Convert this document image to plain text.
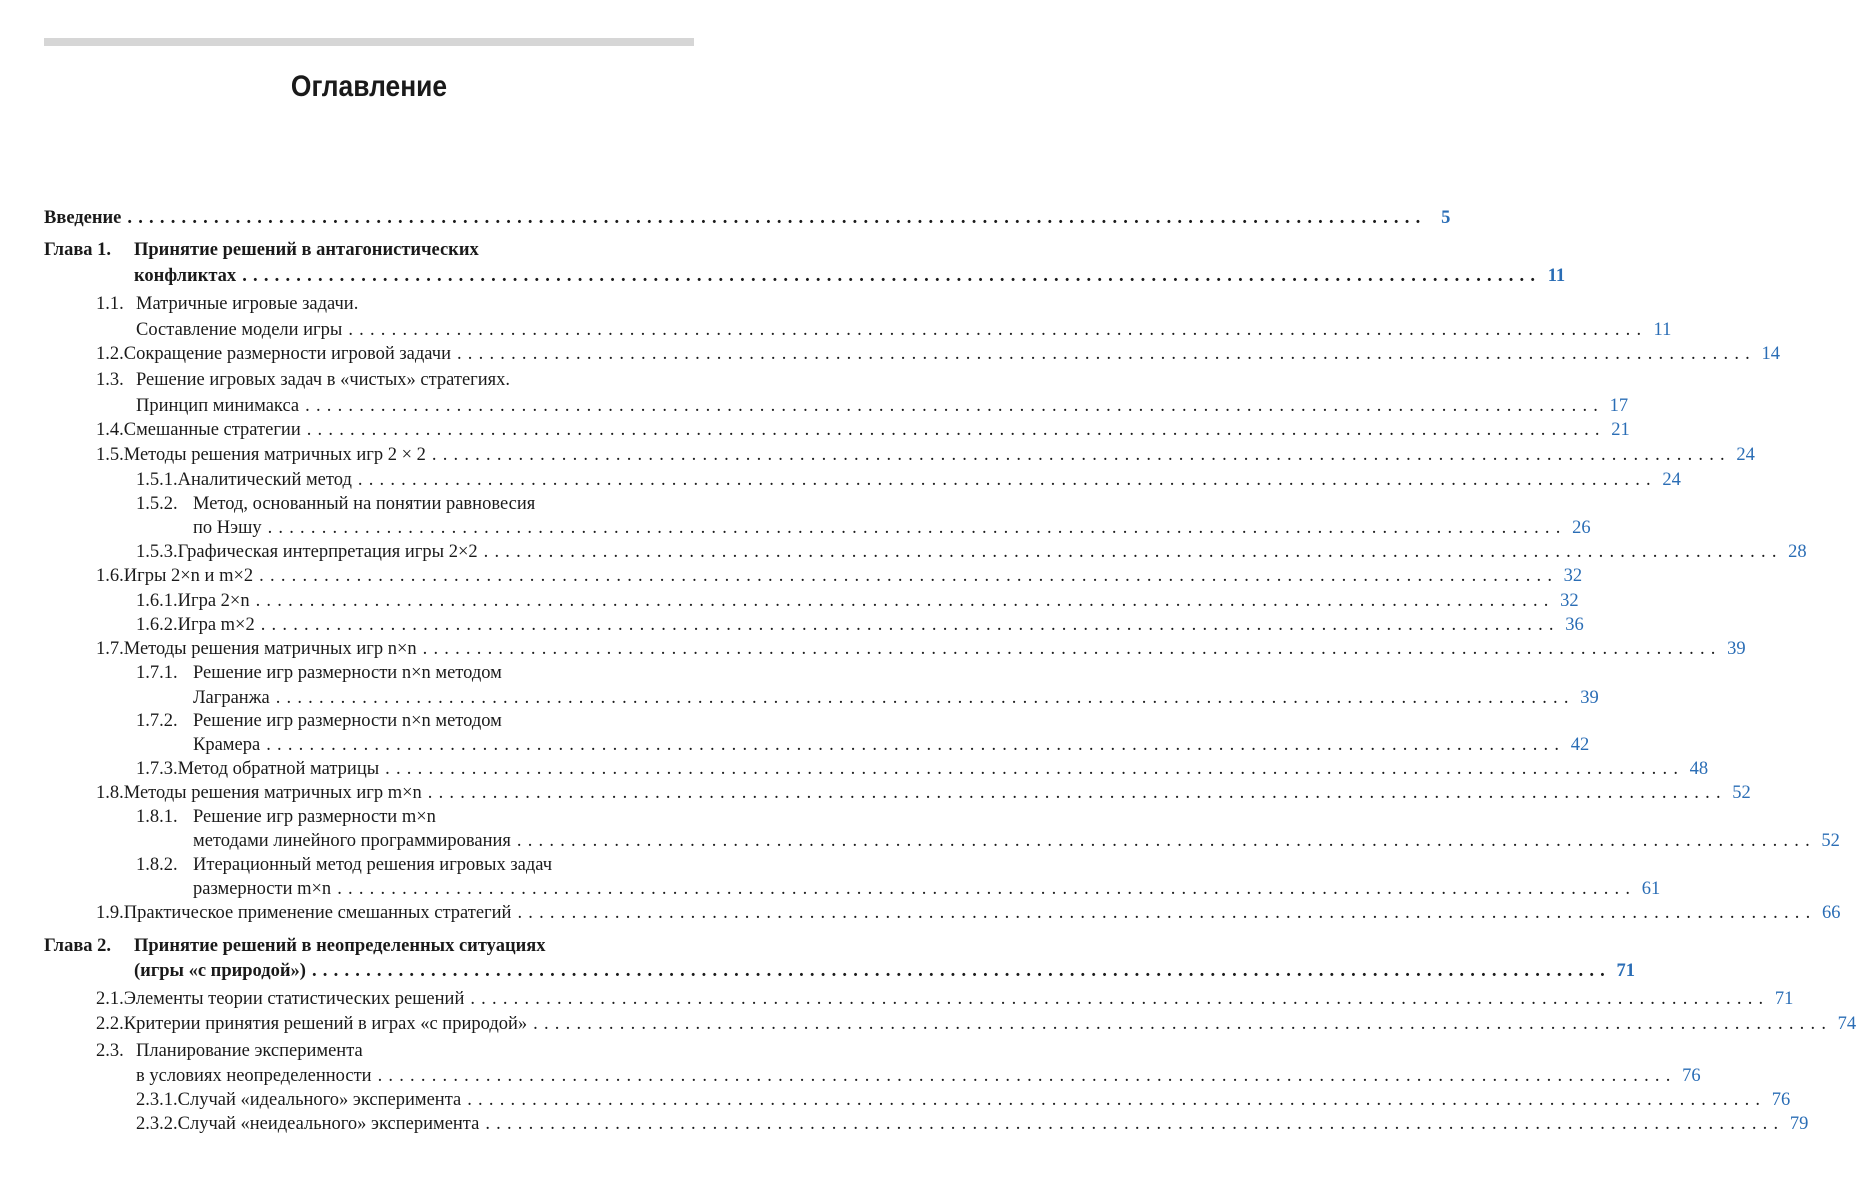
Оглавление
Введение ........................................................................................................................ 5
Глава 1.	Принятие решений в антагонистических
конфликтах ........................................................................................................................ 11
1.1. Матричные игровые задачи.
Составление модели игры ........................................................................................................................ 11
1.2. Сокращение размерности игровой задачи ........................................................................................................................ 14
1.3. Решение игровых задач в «чистых» стратегиях.
Принцип минимакса ........................................................................................................................ 17
1.4. Смешанные стратегии ........................................................................................................................ 21
1.5. Методы решения матричных игр 2 × 2 ........................................................................................................................ 24
1.5.1. Аналитический метод ........................................................................................................................ 24
1.5.2. Метод, основанный на понятии равновесия
по Нэшу ........................................................................................................................ 26
1.5.3. Графическая интерпретация игры 2×2 ........................................................................................................................ 28
1.6. Игры 2×n и m×2 ........................................................................................................................ 32
1.6.1. Игра 2×n ........................................................................................................................ 32
1.6.2. Игра m×2 ........................................................................................................................ 36
1.7. Методы решения матричных игр n×n ........................................................................................................................ 39
1.7.1. Решение игр размерности n×n методом
Лагранжа ........................................................................................................................ 39
1.7.2. Решение игр размерности n×n методом
Крамера ........................................................................................................................ 42
1.7.3. Метод обратной матрицы ........................................................................................................................ 48
1.8. Методы решения матричных игр m×n ........................................................................................................................ 52
1.8.1. Решение игр размерности m×n
методами линейного программирования ........................................................................................................................ 52
1.8.2. Итерационный метод решения игровых задач
размерности m×n ........................................................................................................................ 61
1.9. Практическое применение смешанных стратегий ........................................................................................................................ 66
Глава 2.	Принятие решений в неопределенных ситуациях
(игры «с природой») ........................................................................................................................ 71
2.1. Элементы теории статистических решений ........................................................................................................................ 71
2.2. Критерии принятия решений в играх «с природой» ........................................................................................................................ 74
2.3. Планирование эксперимента
в условиях неопределенности ........................................................................................................................ 76
2.3.1. Случай «идеального» эксперимента ........................................................................................................................ 76
2.3.2. Случай «неидеального» эксперимента ........................................................................................................................ 79
